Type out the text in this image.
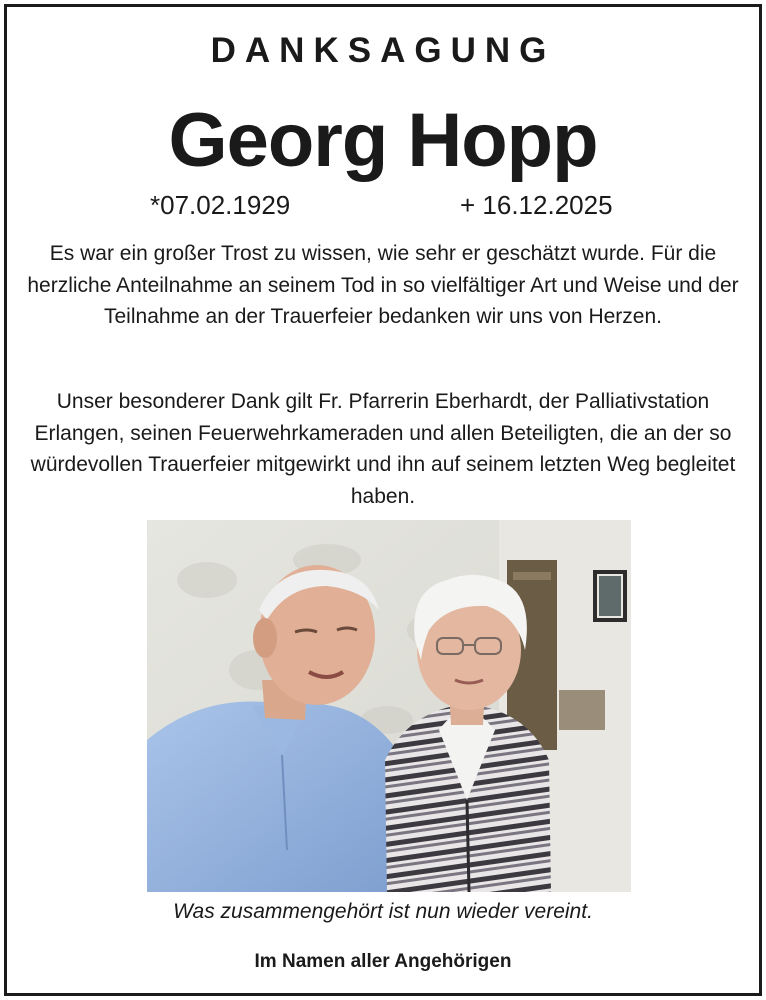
DANKSAGUNG
Georg Hopp
*07.02.1929	+ 16.12.2025
Es war ein großer Trost zu wissen, wie sehr er geschätzt wurde. Für die herzliche Anteilnahme an seinem Tod in so vielfältiger Art und Weise und der Teilnahme an der Trauerfeier bedanken wir uns von Herzen.
Unser besonderer Dank gilt Fr. Pfarrerin Eberhardt, der Palliativstation Erlangen, seinen Feuerwehrkameraden und allen Beteiligten, die an der so würdevollen Trauerfeier mitgewirkt und ihn auf seinem letzten Weg begleitet haben.
Was zusammengehört ist nun wieder vereint.
Im Namen aller Angehörigen
